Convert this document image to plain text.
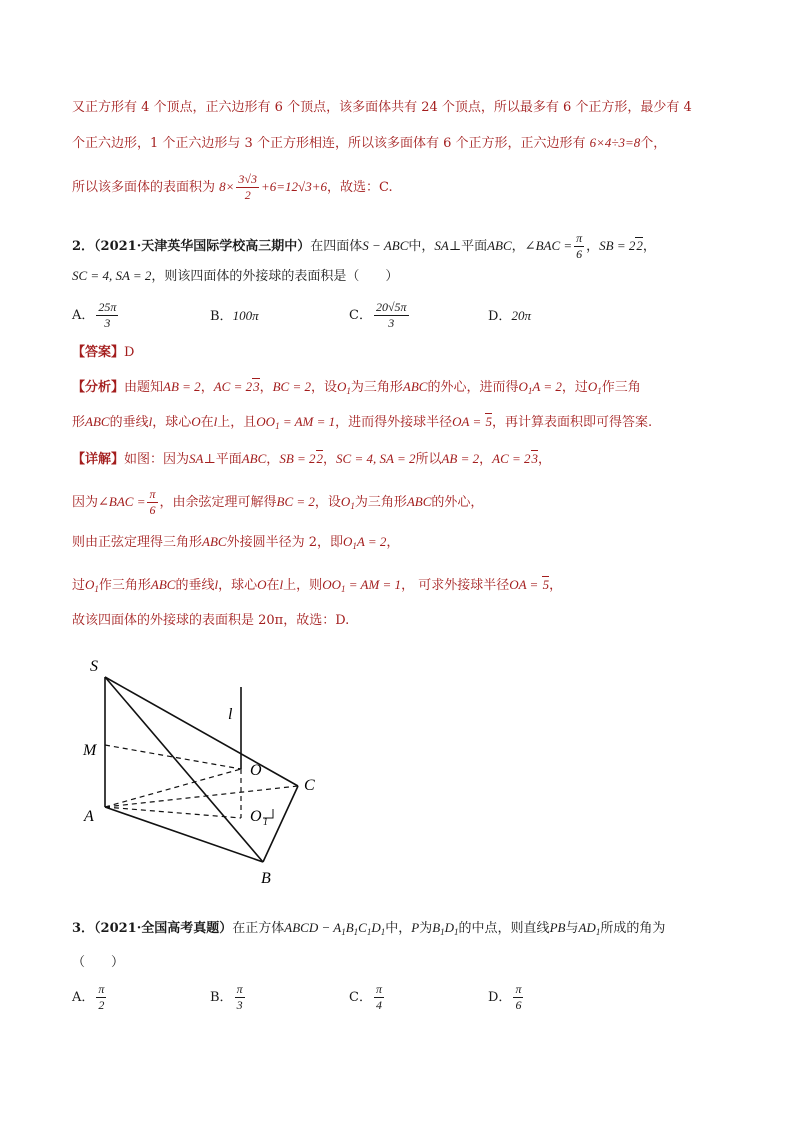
又正方形有 4 个顶点，正六边形有 6 个顶点，该多面体共有 24 个顶点，所以最多有 6 个正方形，最少有 4
个正六边形，1 个正六边形与 3 个正方形相连，所以该多面体有 6 个正方形，正六边形有 6×4÷3=8个，
所以该多面体的表面积为 $8\times \frac{3√3}{2} +6=12√3+6$，故选：C.
2．（2021·天津英华国际学校高三期中）在四面体S − ABC中，SA⊥平面ABC，∠BAC = $\frac{\pi}{6}$ ，SB = 22，
SC = 4, SA = 2，则该四面体的外接球的表面积是（　　）
A． $\frac{25\pi}{3}$	B．100π	C． $\frac{20√5\pi}{3}$	D．20π
【答案】D
【分析】由题知AB = 2，AC = 23，BC = 2，设$O_1$为三角形ABC的外心，进而得$O_1A = 2$，过$O_1$作三角
形ABC的垂线l，球心O在l上，且$OO_1$ = AM = 1，进而得外接球半径OA = 5，再计算表面积即可得答案.
【详解】如图：因为SA⊥平面ABC，SB = 22，SC = 4, SA = 2所以AB = 2，AC = 23，
因为∠BAC = $\frac{\pi}{6}$ ，由余弦定理可解得BC = 2，设$O_1$为三角形ABC的外心，
则由正弦定理得三角形ABC外接圆半径为 2，即$O_1A = 2$，
过$O_1$作三角形ABC的垂线l，球心O在l上，则$OO_1$ = AM = 1， 可求外接球半径OA = 5，
故该四面体的外接球的表面积是 20π，故选：D.
S
l
M
O
C
A	O 1
B
3．（2021·全国高考真题）在正方体ABCD − $A_1B_1C_1D_1$中，P为$B_1D_1$的中点，则直线PB与$AD_1$所成的角为
（　　）
A． $\frac{\pi}{2}$	B． $\frac{\pi}{3}$	C． $\frac{\pi}{4}$	D． $\frac{\pi}{6}$
